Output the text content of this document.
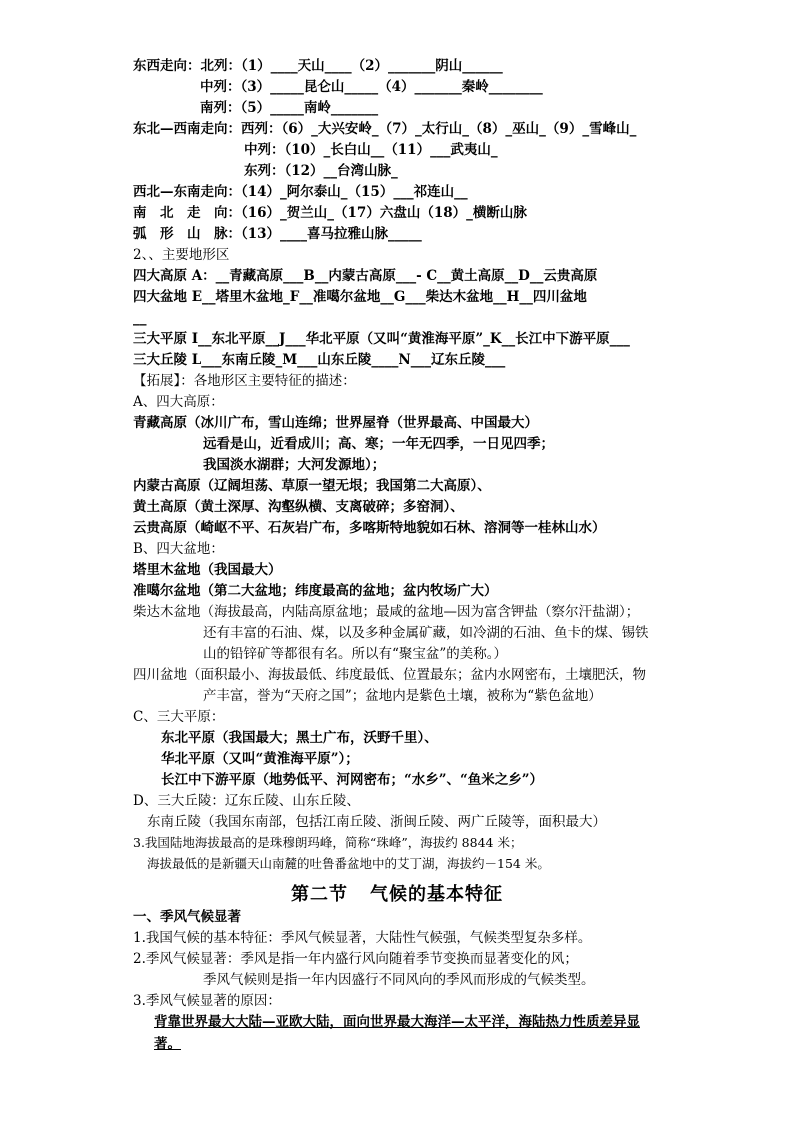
东西走向：北列：（1）____天山____（2）_______阴山______
中列：（3）_____昆仑山_____（4）_______秦岭________
南列：（5）_____南岭_______
东北—西南走向：西列：（6）_大兴安岭_（7）_太行山_（8）_巫山_（9）_雪峰山_
中列：（10）_长白山__（11）___武夷山_
东列：（12）__台湾山脉_
西北—东南走向：（14）_阿尔泰山_（15）___祁连山__
南　北　走　向：（16）_贺兰山_（17）六盘山（18）_横断山脉
弧　形　山　脉：（13）____喜马拉雅山脉_____
2、、主要地形区
四大高原 A：__青藏高原___B__内蒙古高原___- C__黄土高原__D__云贵高原
四大盆地 E__塔里木盆地_F__准噶尔盆地__G___柴达木盆地__H__四川盆地
__
三大平原 I__东北平原__J___华北平原（又叫“黄淮海平原”_K__长江中下游平原___
三大丘陵 L___东南丘陵_M___山东丘陵____N___辽东丘陵___
【拓展】：各地形区主要特征的描述：
A、四大高原：
青藏高原（冰川广布，雪山连绵；世界屋脊（世界最高、中国最大）
远看是山，近看成川；高、寒；一年无四季，一日见四季；
我国淡水湖群；大河发源地）；
内蒙古高原（辽阔坦荡、草原一望无垠；我国第二大高原）、
黄土高原（黄土深厚、沟壑纵横、支离破碎；多窑洞）、
云贵高原（崎岖不平、石灰岩广布，多喀斯特地貌如石林、溶洞等一桂林山水）
B、四大盆地：
塔里木盆地（我国最大）
准噶尔盆地（第二大盆地；纬度最高的盆地；盆内牧场广大）
柴达木盆地（海拔最高，内陆高原盆地；最咸的盆地—因为富含钾盐（察尔汗盐湖）；
还有丰富的石油、煤，以及多种金属矿藏，如冷湖的石油、鱼卡的煤、锡铁
山的铅锌矿等都很有名。所以有“聚宝盆”的美称。）
四川盆地（面积最小、海拔最低、纬度最低、位置最东；盆内水网密布，土壤肥沃，物
产丰富，誉为“天府之国”；盆地内是紫色土壤，被称为“紫色盆地）
C、三大平原：
东北平原（我国最大；黑土广布，沃野千里）、
华北平原（又叫“黄淮海平原”）；
长江中下游平原（地势低平、河网密布；“水乡”、“鱼米之乡”）
D、三大丘陵：辽东丘陵、山东丘陵、
东南丘陵（我国东南部，包括江南丘陵、浙闽丘陵、两广丘陵等，面积最大）
3.我国陆地海拔最高的是珠穆朗玛峰，简称“珠峰”，海拔约 8844 米；
海拔最低的是新疆天山南麓的吐鲁番盆地中的艾丁湖，海拔约－154 米。
一、季风气候显著
1.我国气候的基本特征：季风气候显著，大陆性气候强，气候类型复杂多样。
2.季风气候显著：季风是指一年内盛行风向随着季节变换而显著变化的风；
季风气候则是指一年内因盛行不同风向的季风而形成的气候类型。
3.季风气候显著的原因：
背靠世界最大大陆—亚欧大陆，面向世界最大海洋—太平洋，海陆热力性质差异显
著。
第二节 气候的基本特征
